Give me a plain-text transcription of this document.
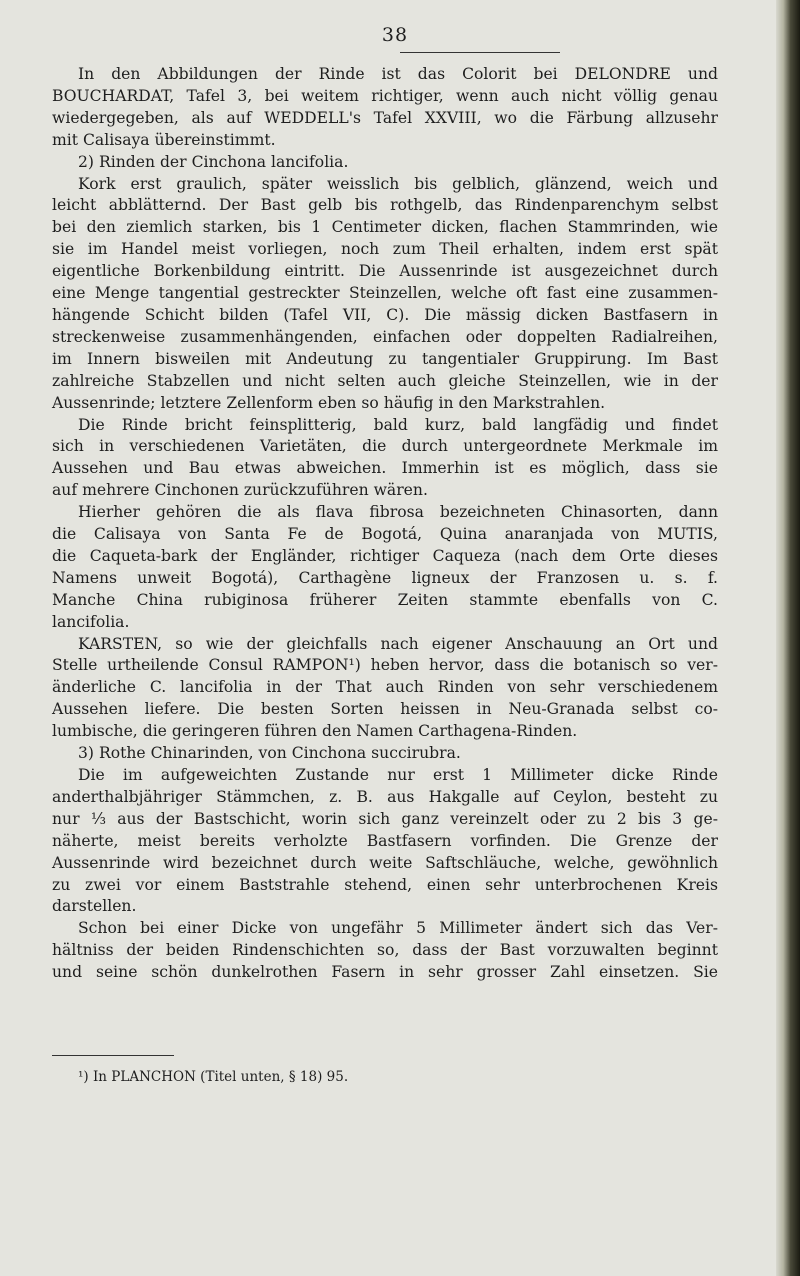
38
In den Abbildungen der Rinde ist das Colorit bei DELONDRE und
BOUCHARDAT, Tafel 3, bei weitem richtiger, wenn auch nicht völlig genau
wiedergegeben, als auf WEDDELL's Tafel XXVIII, wo die Färbung allzusehr
mit Calisaya übereinstimmt.
2) Rinden der Cinchona lancifolia.
Kork erst graulich, später weisslich bis gelblich, glänzend, weich und
leicht abblätternd. Der Bast gelb bis rothgelb, das Rindenparenchym selbst
bei den ziemlich starken, bis 1 Centimeter dicken, flachen Stammrinden, wie
sie im Handel meist vorliegen, noch zum Theil erhalten, indem erst spät
eigentliche Borkenbildung eintritt. Die Aussenrinde ist ausgezeichnet durch
eine Menge tangential gestreckter Steinzellen, welche oft fast eine zusammen-
hängende Schicht bilden (Tafel VII, C). Die mässig dicken Bastfasern in
streckenweise zusammenhängenden, einfachen oder doppelten Radialreihen,
im Innern bisweilen mit Andeutung zu tangentialer Gruppirung. Im Bast
zahlreiche Stabzellen und nicht selten auch gleiche Steinzellen, wie in der
Aussenrinde; letztere Zellenform eben so häufig in den Markstrahlen.
Die Rinde bricht feinsplitterig, bald kurz, bald langfädig und findet
sich in verschiedenen Varietäten, die durch untergeordnete Merkmale im
Aussehen und Bau etwas abweichen. Immerhin ist es möglich, dass sie
auf mehrere Cinchonen zurückzuführen wären.
Hierher gehören die als flava fibrosa bezeichneten Chinasorten, dann
die Calisaya von Santa Fe de Bogotá, Quina anaranjada von MUTIS,
die Caqueta-bark der Engländer, richtiger Caqueza (nach dem Orte dieses
Namens unweit Bogotá), Carthagène ligneux der Franzosen u. s. f.
Manche China rubiginosa früherer Zeiten stammte ebenfalls von C.
lancifolia.
KARSTEN, so wie der gleichfalls nach eigener Anschauung an Ort und
Stelle urtheilende Consul RAMPON¹) heben hervor, dass die botanisch so ver-
änderliche C. lancifolia in der That auch Rinden von sehr verschiedenem
Aussehen liefere. Die besten Sorten heissen in Neu-Granada selbst co-
lumbische, die geringeren führen den Namen Carthagena-Rinden.
3) Rothe Chinarinden, von Cinchona succirubra.
Die im aufgeweichten Zustande nur erst 1 Millimeter dicke Rinde
anderthalbjähriger Stämmchen, z. B. aus Hakgalle auf Ceylon, besteht zu
nur ⅓ aus der Bastschicht, worin sich ganz vereinzelt oder zu 2 bis 3 ge-
näherte, meist bereits verholzte Bastfasern vorfinden. Die Grenze der
Aussenrinde wird bezeichnet durch weite Saftschläuche, welche, gewöhnlich
zu zwei vor einem Baststrahle stehend, einen sehr unterbrochenen Kreis
darstellen.
Schon bei einer Dicke von ungefähr 5 Millimeter ändert sich das Ver-
hältniss der beiden Rindenschichten so, dass der Bast vorzuwalten beginnt
und seine schön dunkelrothen Fasern in sehr grosser Zahl einsetzen. Sie
¹) In PLANCHON (Titel unten, § 18) 95.
